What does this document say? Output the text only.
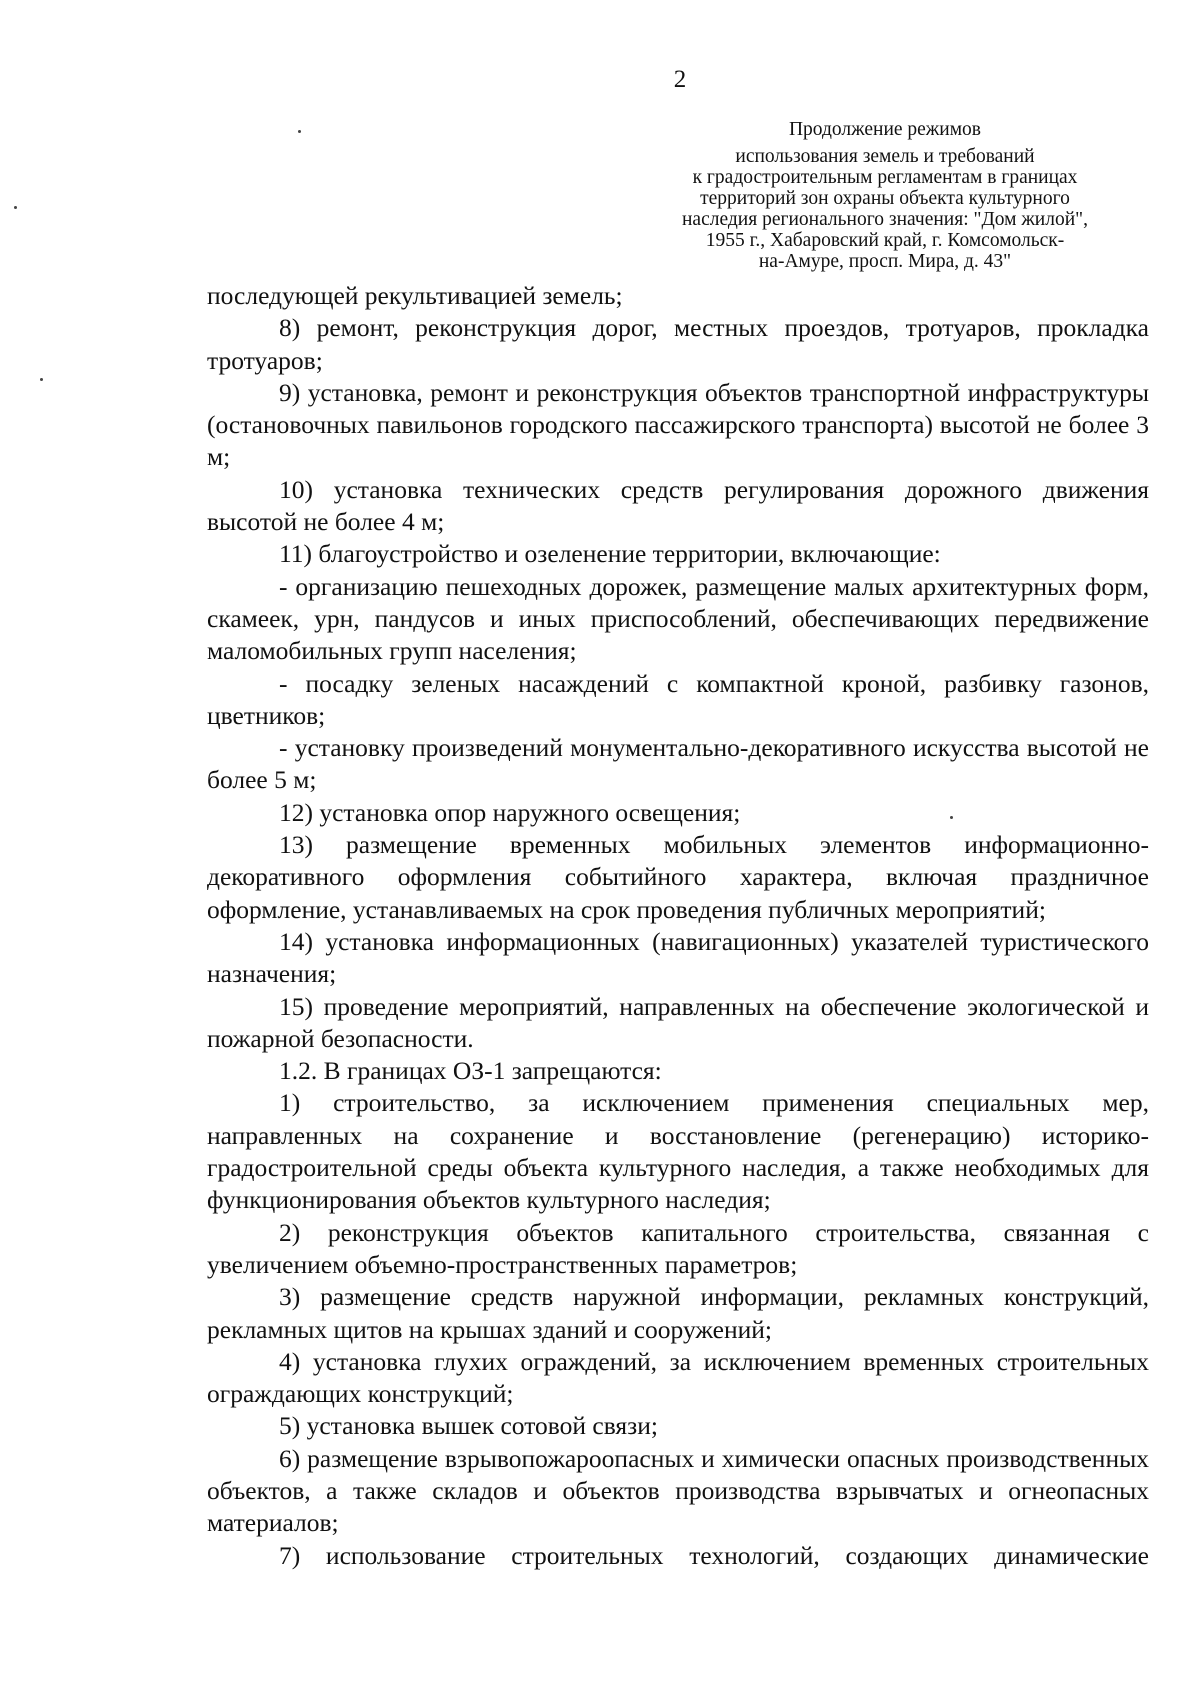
2
Продолжение режимов
использования земель и требований
к градостроительным регламентам в границах
территорий зон охраны объекта культурного
наследия регионального значения: "Дом жилой",
1955 г., Хабаровский край, г. Комсомольск-
на-Амуре, просп. Мира, д. 43"

последующей рекультивацией земель;

8) ремонт, реконструкция дорог, местных проездов, тротуаров, прокладка тротуаров;

9) установка, ремонт и реконструкция объектов транспортной инфраструктуры (остановочных павильонов городского пассажирского транспорта) высотой не более 3 м;

10) установка технических средств регулирования дорожного движения высотой не более 4 м;

11) благоустройство и озеленение территории, включающие:

- организацию пешеходных дорожек, размещение малых архитектурных форм, скамеек, урн, пандусов и иных приспособлений, обеспечивающих передвижение маломобильных групп населения;

- посадку зеленых насаждений с компактной кроной, разбивку газонов, цветников;

- установку произведений монументально-декоративного искусства высотой не более 5 м;

12) установка опор наружного освещения;

13) размещение временных мобильных элементов информационно-декоративного оформления событийного характера, включая праздничное оформление, устанавливаемых на срок проведения публичных мероприятий;

14) установка информационных (навигационных) указателей туристического назначения;

15) проведение мероприятий, направленных на обеспечение экологической и пожарной безопасности.

1.2. В границах ОЗ-1 запрещаются:

1) строительство, за исключением применения специальных мер, направленных на сохранение и восстановление (регенерацию) историко-градостроительной среды объекта культурного наследия, а также необходимых для функционирования объектов культурного наследия;

2) реконструкция объектов капитального строительства, связанная с увеличением объемно-пространственных параметров;

3) размещение средств наружной информации, рекламных конструкций, рекламных щитов на крышах зданий и сооружений;

4) установка глухих ограждений, за исключением временных строительных ограждающих конструкций;

5) установка вышек сотовой связи;

6) размещение взрывопожароопасных и химически опасных производственных объектов, а также складов и объектов производства взрывчатых и огнеопасных материалов;

7) использование строительных технологий, создающих динамические
